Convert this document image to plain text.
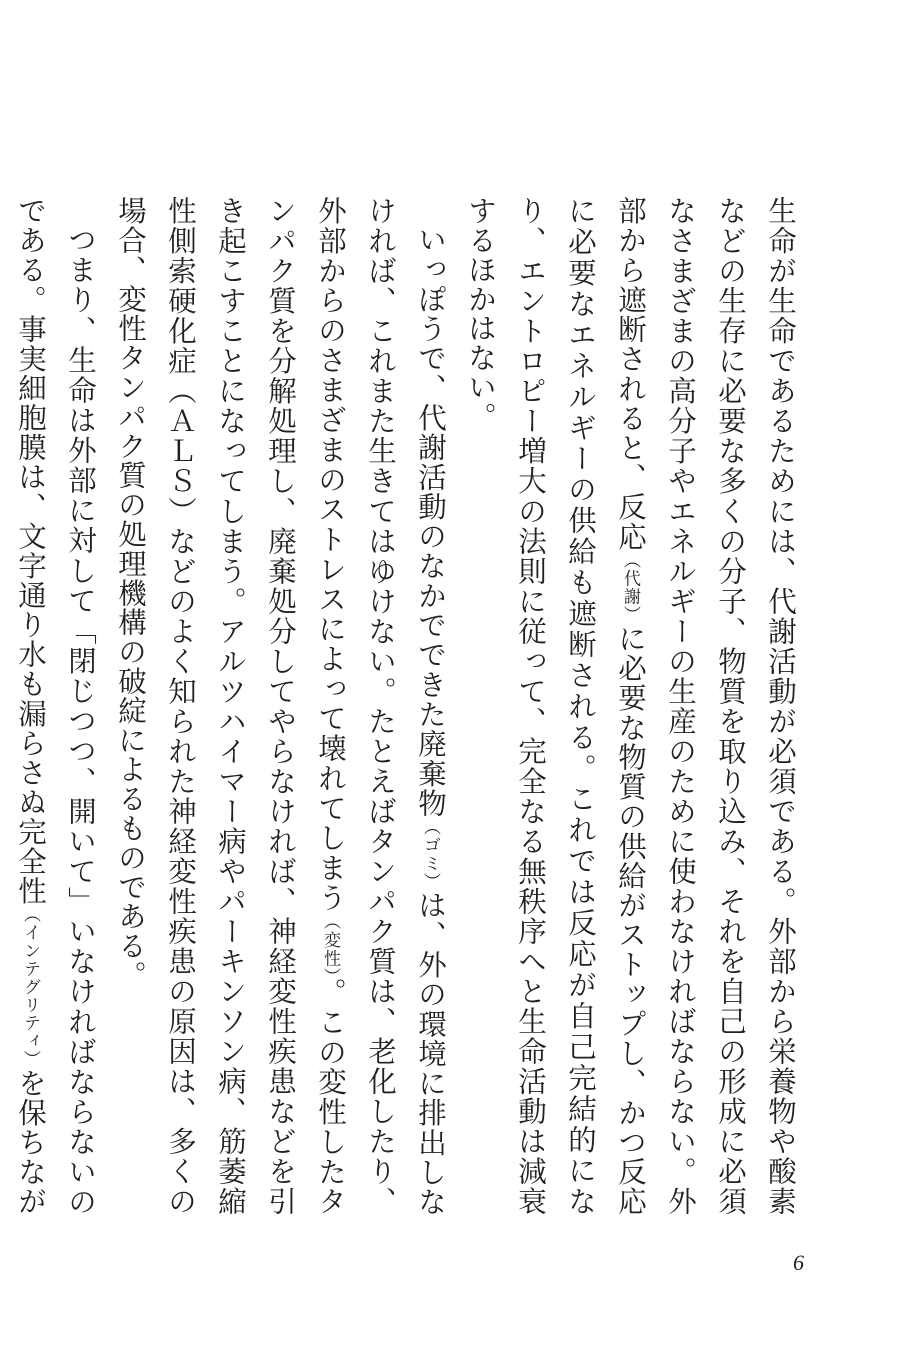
生命が生命であるためには、代謝活動が必須である。外部から栄養物や酸素などの生存に必要な多くの分子、物質を取り込み、それを自己の形成に必須なさまざまの高分子やエネルギーの生産のために使わなければならない。外部から遮断されると、反応（代謝）に必要な物質の供給がストップし、かつ反応に必要なエネルギーの供給も遮断される。これでは反応が自己完結的になり、エントロピー増大の法則に従って、完全なる無秩序へと生命活動は減衰するほかはない。

いっぽうで、代謝活動のなかでできた廃棄物（ゴミ）は、外の環境に排出しなければ、これまた生きてはゆけない。たとえばタンパク質は、老化したり、外部からのさまざまのストレスによって壊れてしまう（変性）。この変性したタンパク質を分解処理し、廃棄処分してやらなければ、神経変性疾患などを引き起こすことになってしまう。アルツハイマー病やパーキンソン病、筋萎縮性側索硬化症（ＡＬＳ）などのよく知られた神経変性疾患の原因は、多くの場合、変性タンパク質の処理機構の破綻によるものである。

つまり、生命は外部に対して「閉じつつ、開いて」いなければならないのである。事実細胞膜は、文字通り水も漏らさぬ完全性（インテグリティ）を保ちなが

6
